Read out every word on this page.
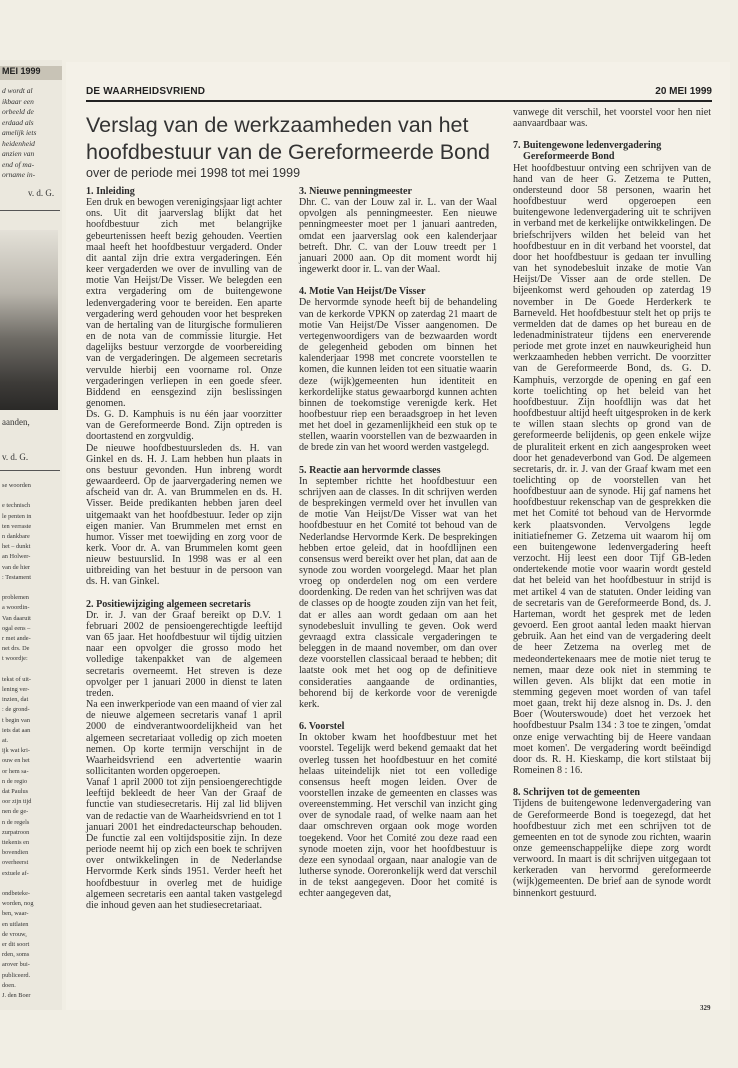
MEI 1999
d wordt al
ikbaar een
orbeeld de
erdaad als
amelijk iets
heidenheid
anzien van
end of ma-
orname in-
v. d. G.
aanden,
v. d. G.
se woorden
e technisch
le penten in
ten verraste
n dankbare
het – dunkt
an Holwer-
van de hier
: Testament
problemen
a woordin-
Van daaruit
ogal eens –
r met ande-
net drs. De
t woordje:
tekst of uit-
lening ver-
inzien, dat
: de grond-
t begin van
iets dat aan
at.
ijk wat kri-
ouw en het
or hem sa-
n de regio
dat Paulus
oor zijn tijd
nen de ge-
n de regels
zurpatroon
ttekenis en
bovendien
overheerst
extuele af-
ondbeteke-
worden, nog
ben, waar-
en uitlaten
de vrouw,
er dit soort
rden, soms
arover bui-
publiceerd.
doen.
J. den Boer
DE WAARHEIDSVRIEND	20 MEI 1999
Verslag van de werkzaamheden van het hoofdbestuur van de Gereformeerde Bond

over de periode mei 1998 tot mei 1999

1. Inleiding

Een druk en bewogen verenigingsjaar ligt achter ons. Uit dit jaarverslag blijkt dat het hoofdbestuur zich met belangrijke gebeurtenissen heeft bezig gehouden. Veertien maal heeft het hoofdbestuur vergaderd. Onder dit aantal zijn drie extra vergaderingen. Eén keer vergaderden we over de invulling van de motie Van Heijst/De Visser. We belegden een extra vergadering om de buitengewone ledenvergadering voor te bereiden. Een aparte vergadering werd gehouden voor het bespreken van de hertaling van de liturgische formulieren en de nota van de commissie liturgie. Het dagelijks bestuur verzorgde de voorbereiding van de vergaderingen. De algemeen secretaris vervulde hierbij een voorname rol. Onze vergaderingen verliepen in een goede sfeer. Biddend en eensgezind zijn beslissingen genomen.

Ds. G. D. Kamphuis is nu één jaar voorzitter van de Gereformeerde Bond. Zijn optreden is doortastend en zorgvuldig.

De nieuwe hoofdbestuursleden ds. H. van Ginkel en ds. H. J. Lam hebben hun plaats in ons bestuur gevonden. Hun inbreng wordt gewaardeerd. Op de jaarvergadering nemen we afscheid van dr. A. van Brummelen en ds. H. Visser. Beide predikanten hebben jaren deel uitgemaakt van het hoofdbestuur. Ieder op zijn eigen manier. Van Brummelen met ernst en humor. Visser met toewijding en zorg voor de kerk. Voor dr. A. van Brummelen komt geen nieuw bestuurslid. In 1998 was er al een uitbreiding van het bestuur in de persoon van ds. H. van Ginkel.

2. Positiewijziging algemeen secretaris

Dr. ir. J. van der Graaf bereikt op D.V. 1 februari 2002 de pensioengerechtigde leeftijd van 65 jaar. Het hoofdbestuur wil tijdig uitzien naar een opvolger die grosso modo het volledige takenpakket van de algemeen secretaris overneemt. Het streven is deze opvolger per 1 januari 2000 in dienst te laten treden.

Na een inwerkperiode van een maand of vier zal de nieuwe algemeen secretaris vanaf 1 april 2000 de eindverantwoordelijkheid van het algemeen secretariaat volledig op zich moeten nemen. Op korte termijn verschijnt in de Waarheidsvriend een advertentie waarin sollicitanten worden opgeroepen.

Vanaf 1 april 2000 tot zijn pensioengerechtigde leeftijd bekleedt de heer Van der Graaf de functie van studiesecretaris. Hij zal lid blijven van de redactie van de Waarheidsvriend en tot 1 januari 2001 het eindredacteurschap behouden. De functie zal een voltijdspositie zijn. In deze periode neemt hij op zich een boek te schrijven over ontwikkelingen in de Nederlandse Hervormde Kerk sinds 1951. Verder heeft het hoofdbestuur in overleg met de huidige algemeen secretaris een aantal taken vastgelegd die inhoud geven aan het studiesecretariaat.

3. Nieuwe penningmeester

Dhr. C. van der Louw zal ir. L. van der Waal opvolgen als penningmeester. Een nieuwe penningmeester moet per 1 januari aantreden, omdat een jaarverslag ook een kalenderjaar betreft. Dhr. C. van der Louw treedt per 1 januari 2000 aan. Op dit moment wordt hij ingewerkt door ir. L. van der Waal.

4. Motie Van Heijst/De Visser

De hervormde synode heeft bij de behandeling van de kerkorde VPKN op zaterdag 21 maart de motie Van Heijst/De Visser aangenomen. De vertegenwoordigers van de bezwaarden wordt de gelegenheid geboden om binnen het kalenderjaar 1998 met concrete voorstellen te komen, die kunnen leiden tot een situatie waarin deze (wijk)gemeenten hun identiteit en kerkordelijke status gewaarborgd kunnen achten binnen de toekomstige verenigde kerk. Het hoofbestuur riep een beraadsgroep in het leven met het doel in gezamenlijkheid een stuk op te stellen, waarin voorstellen van de bezwaarden in de brede zin van het woord werden vastgelegd.

5. Reactie aan hervormde classes

In september richtte het hoofdbestuur een schrijven aan de classes. In dit schrijven werden de besprekingen vermeld over het invullen van de motie Van Heijst/De Visser wat van het hoofdbestuur en het Comité tot behoud van de Nederlandse Hervormde Kerk. De besprekingen hebben ertoe geleid, dat in hoofdlijnen een consensus werd bereikt over het plan, dat aan de synode zou worden voorgelegd. Maar het plan vroeg op onderdelen nog om een verdere doordenking. De reden van het schrijven was dat de classes op de hoogte zouden zijn van het feit, dat er alles aan wordt gedaan om aan het synodebesluit invulling te geven. Ook werd gevraagd extra classicale vergaderingen te beleggen in de maand november, om dan over deze voorstellen classicaal beraad te hebben; dit laatste ook met het oog op de definitieve consideraties aangaande de ordinanties, behorend bij de kerkorde voor de verenigde kerk.

6. Voorstel

In oktober kwam het hoofdbestuur met het voorstel. Tegelijk werd bekend gemaakt dat het overleg tussen het hoofdbestuur en het comité helaas uiteindelijk niet tot een volledige consensus heeft mogen leiden. Over de voorstellen inzake de gemeenten en classes was overeenstemming. Het verschil van inzicht ging over de synodale raad, of welke naam aan het daar omschreven orgaan ook moge worden toegekend. Voor het Comité zou deze raad een synode moeten zijn, voor het hoofdbestuur is deze een synodaal orgaan, naar analogie van de lutherse synode. Ooreronkelijk werd dat verschil in de tekst aangegeven. Door het comité is echter aangegeven dat,

vanwege dit verschil, het voorstel voor hen niet aanvaardbaar was.

7. Buitengewone ledenvergadering
Gereformeerde Bond

Het hoofdbestuur ontving een schrijven van de hand van de heer G. Zetzema te Putten, ondersteund door 58 personen, waarin het hoofdbestuur werd opgeroepen een buitengewone ledenvergadering uit te schrijven in verband met de kerkelijke ontwikkelingen. De briefschrijvers wilden het beleid van het hoofdbestuur en in dit verband het voorstel, dat door het hoofdbestuur is gedaan ter invulling van het synodebesluit inzake de motie Van Heijst/De Visser aan de orde stellen. De bijeenkomst werd gehouden op zaterdag 19 november in De Goede Herderkerk te Barneveld. Het hoofdbestuur stelt het op prijs te vermelden dat de dames op het bureau en de ledenadministrateur tijdens een enerverende periode met grote inzet en nauwkeurigheid hun werkzaamheden hebben verricht. De voorzitter van de Gereformeerde Bond, ds. G. D. Kamphuis, verzorgde de opening en gaf een korte toelichting op het beleid van het hoofdbestuur. Zijn hoofdlijn was dat het hoofdbestuur altijd heeft uitgesproken in de kerk te willen staan slechts op grond van de gereformeerde belijdenis, op geen enkele wijze de pluraliteit erkent en zich aangesproken weet door het genadeverbond van God. De algemeen secretaris, dr. ir. J. van der Graaf kwam met een toelichting op de voorstellen van het hoofdbestuur aan de synode. Hij gaf namens het hoofdbestuur rekenschap van de gesprekken die met het Comité tot behoud van de Hervormde kerk plaatsvonden. Vervolgens legde initiatiefnemer G. Zetzema uit waarom hij om een buitengewone ledenvergadering heeft verzocht. Hij leest een door Tijf GB-leden ondertekende motie voor waarin wordt gesteld dat het beleid van het hoofdbestuur in strijd is met artikel 4 van de statuten. Onder leiding van de secretaris van de Gereformeerde Bond, ds. J. Harteman, wordt het gesprek met de leden gevoerd. Een groot aantal leden maakt hiervan gebruik. Aan het eind van de vergadering deelt de heer Zetzema na overleg met de medeondertekenaars mee de motie niet terug te nemen, maar deze ook niet in stemming te willen geven. Als blijkt dat een motie in stemming gegeven moet worden of van tafel moet gaan, trekt hij deze alsnog in. Ds. J. den Boer (Wouterswoude) doet het verzoek het hoofdbestuur Psalm 134 : 3 toe te zingen, 'omdat onze enige verwachting bij de Heere vandaan moet komen'. De vergadering wordt beëindigd door ds. R. H. Kieskamp, die kort stilstaat bij Romeinen 8 : 16.

8. Schrijven tot de gemeenten

Tijdens de buitengewone ledenvergadering van de Gereformeerde Bond is toegezegd, dat het hoofdbestuur zich met een schrijven tot de gemeenten en tot de synode zou richten, waarin onze gemeenschappelijke diepe zorg wordt verwoord. In maart is dit schrijven uitgegaan tot kerkeraden van hervormd gereformeerde (wijk)gemeenten. De brief aan de synode wordt binnenkort gestuurd.

329
